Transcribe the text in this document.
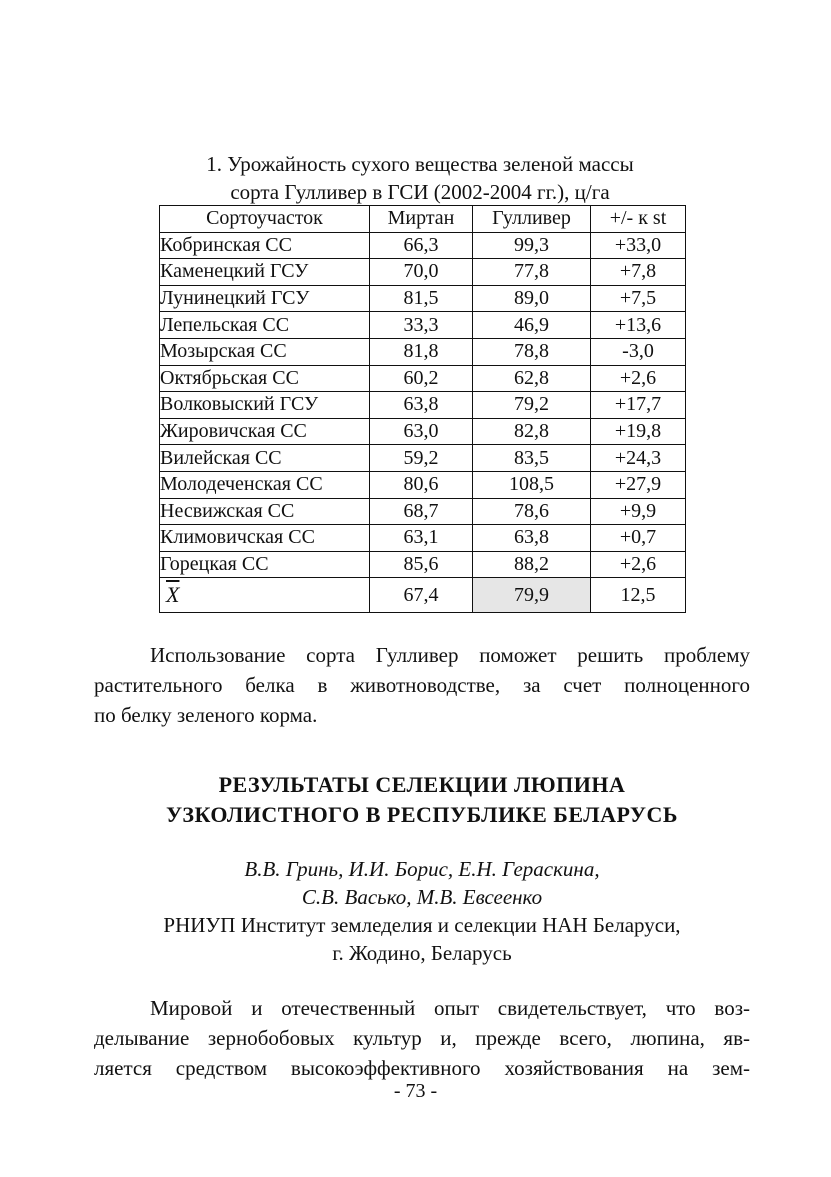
1. Урожайность сухого вещества зеленой массы
сорта Гулливер в ГСИ (2002-2004 гг.), ц/га
Сортоучасток	Миртан	Гулливер	+/- к st
Кобринская СС	66,3	99,3	+33,0
Каменецкий ГСУ	70,0	77,8	+7,8
Лунинецкий ГСУ	81,5	89,0	+7,5
Лепельская СС	33,3	46,9	+13,6
Мозырская СС	81,8	78,8	-3,0
Октябрьская СС	60,2	62,8	+2,6
Волковыский ГСУ	63,8	79,2	+17,7
Жировичская СС	63,0	82,8	+19,8
Вилейская СС	59,2	83,5	+24,3
Молодеченская СС	80,6	108,5	+27,9
Несвижская СС	68,7	78,6	+9,9
Климовичская СС	63,1	63,8	+0,7
Горецкая СС	85,6	88,2	+2,6
$\overline{X}$	67,4	79,9	12,5
Использование сорта Гулливер поможет решить проблему
растительного белка в животноводстве, за счет полноценного
по белку зеленого корма.
РЕЗУЛЬТАТЫ СЕЛЕКЦИИ ЛЮПИНА
УЗКОЛИСТНОГО В РЕСПУБЛИКЕ БЕЛАРУСЬ
В.В. Гринь, И.И. Борис, Е.Н. Гераскина,
С.В. Васько, М.В. Евсеенко
РНИУП Институт земледелия и селекции НАН Беларуси,
г. Жодино, Беларусь
Мировой и отечественный опыт свидетельствует, что воз-
делывание зернобобовых культур и, прежде всего, люпина, яв-
ляется средством высокоэффективного хозяйствования на зем-
- 73 -
